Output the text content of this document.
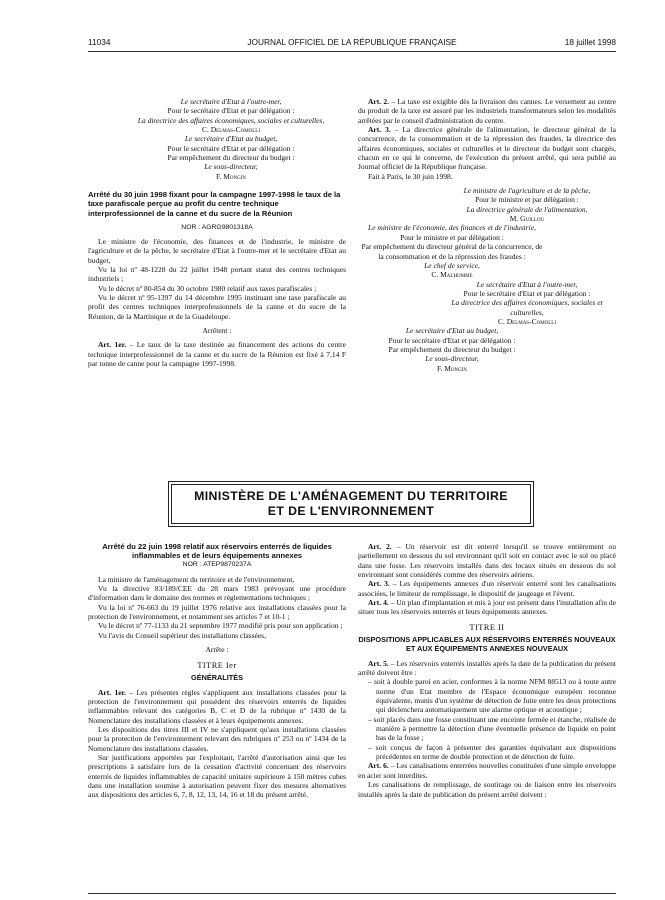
11034	JOURNAL OFFICIEL DE LA RÉPUBLIQUE FRANÇAISE	18 juillet 1998
Le secrétaire d'Etat à l'outre-mer,
Pour le secrétaire d'Etat et par délégation :
La directrice des affaires économiques, sociales et culturelles,
C. Delmas-Comolli
Le secrétaire d'Etat au budget,
Pour le secrétaire d'Etat et par délégation :
Par empêchement du directeur du budget :
Le sous-directeur,
F. Mongin

Arrêté du 30 juin 1998 fixant pour la campagne 1997-1998 le taux de la taxe parafiscale perçue au profit du centre technique interprofessionnel de la canne et du sucre de la Réunion

NOR : AGRG9801318A

Le ministre de l'économie, des finances et de l'industrie, le ministre de l'agriculture et de la pêche, le secrétaire d'Etat à l'outre-mer et le secrétaire d'Etat au budget,

Vu la loi nº 48-1228 du 22 juillet 1948 portant statut des centres techniques industriels ;

Vu le décret nº 80-854 du 30 octobre 1980 relatif aux taxes parafiscales ;

Vu le décret nº 95-1397 du 14 décembre 1995 instituant une taxe parafiscale au profit des centres techniques interprofessionnels de la canne et du sucre de la Réunion, de la Martinique et de la Guadeloupe.

Arrêtent :

Art. 1er. – Le taux de la taxe destinée au financement des actions du centre technique interprofessionnel de la canne et du sucre de la Réunion est fixé à 7,14 F par tonne de canne pour la campagne 1997-1998.

Art. 2. – La taxe est exigible dès la livraison des cannes. Le versement au centre du produit de la taxe est assuré par les industriels transformateurs selon les modalités arrêtées par le conseil d'administration du centre.

Art. 3. – La directrice générale de l'alimentation, le directeur général de la concurrence, de la consommation et de la répression des fraudes, la directrice des affaires économiques, sociales et culturelles et le directeur du budget sont chargés, chacun en ce qui le concerne, de l'exécution du présent arrêté, qui sera publié au Journal officiel de la République française.

Fait à Paris, le 30 juin 1998.

Le ministre de l'agriculture et de la pêche,
Pour le ministre et par délégation :
La directrice générale de l'alimentation,
M. Guillou
Le ministre de l'économie, des finances et de l'industrie,
Pour le ministre et par délégation :
Par empêchement du directeur général de la concurrence, de la consommation et de la répression des fraudes :
Le chef de service,
C. Malhomme
Le secrétaire d'Etat à l'outre-mer,
Pour le secrétaire d'Etat et par délégation :
La directrice des affaires économiques, sociales et culturelles,
C. Delmas-Comolli
Le secrétaire d'Etat au budget,
Pour le secrétaire d'Etat et par délégation :
Par empêchement du directeur du budget :
Le sous-directeur,
F. Mongin
MINISTÈRE DE L'AMÉNAGEMENT DU TERRITOIRE
ET DE L'ENVIRONNEMENT

Arrêté du 22 juin 1998 relatif aux réservoirs enterrés de liquides inflammables et de leurs équipements annexes

NOR : ATEP9870237A

La ministre de l'aménagement du territoire et de l'environnement,

Vu la directive 83/189/CEE du 28 mars 1983 prévoyant une procédure d'information dans le domaine des normes et réglementations techniques ;

Vu la loi nº 76-663 du 19 juillet 1976 relative aux installations classées pour la protection de l'environnement, et notamment ses articles 7 et 10-1 ;

Vu le décret nº 77-1133 du 21 septembre 1977 modifié pris pour son application ;

Vu l'avis du Conseil supérieur des installations classées,

Arrête :

TITRE Ier
GÉNÉRALITÉS

Art. 1er. – Les présentes règles s'appliquent aux installations classées pour la protection de l'environnement qui possèdent des réservoirs enterrés de liquides inflammables relevant des catégories B, C et D de la rubrique nº 1430 de la Nomenclature des installations classées et à leurs équipements annexes.

Les dispositions des titres III et IV ne s'appliquent qu'aux installations classées pour la protection de l'environnement relevant des rubriques nº 253 ou nº 1434 de la Nomenclature des installations classées.

Sur justifications apportées par l'exploitant, l'arrêté d'autorisation ainsi que les prescriptions à satisfaire lors de la cessation d'activité concernant des réservoirs enterrés de liquides inflammables de capacité unitaire supérieure à 150 mètres cubes dans une installation soumise à autorisation peuvent fixer des mesures alternatives aux dispositions des articles 6, 7, 8, 12, 13, 14, 16 et 18 du présent arrêté.

Art. 2. – Un réservoir est dit enterré lorsqu'il se trouve entièrement ou partiellement en dessous du sol environnant qu'il soit en contact avec le sol ou placé dans une fosse. Les réservoirs installés dans des locaux situés en dessous du sol environnant sont considérés comme des réservoirs aériens.

Art. 3. – Les équipements annexes d'un réservoir enterré sont les canalisations associées, le limiteur de remplissage, le dispositif de jaugeage et l'évent.

Art. 4. – Un plan d'implantation et mis à jour est présent dans l'installation afin de situer tous les réservoirs enterrés et leurs équipements annexes.

TITRE II
DISPOSITIONS APPLICABLES AUX RÉSERVOIRS ENTERRÉS NOUVEAUX ET AUX ÉQUIPEMENTS ANNEXES NOUVEAUX

Art. 5. – Les réservoirs enterrés installés après la date de la publication du présent arrêté doivent être :

– soit à double paroi en acier, conformes à la norme NFM 88513 ou à toute autre norme d'un Etat membre de l'Espace économique européen reconnue équivalente, munis d'un système de détection de fuite entre les deux protections qui déclenchera automatiquement une alarme optique et acoustique ;

– soit placés dans une fosse constituant une enceinte fermée et étanche, réalisée de manière à permettre la détection d'une éventuelle présence de liquide en point bas de la fosse ;

– soit conçus de façon à présenter des garanties équivalant aux dispositions précédentes en terme de double protection et de détection de fuite.

Art. 6. – Les canalisations enterrées nouvelles constituées d'une simple enveloppe en acier sont interdites.

Les canalisations de remplissage, de soutirage ou de liaison entre les réservoirs installés après la date de publication du présent arrêté doivent :
